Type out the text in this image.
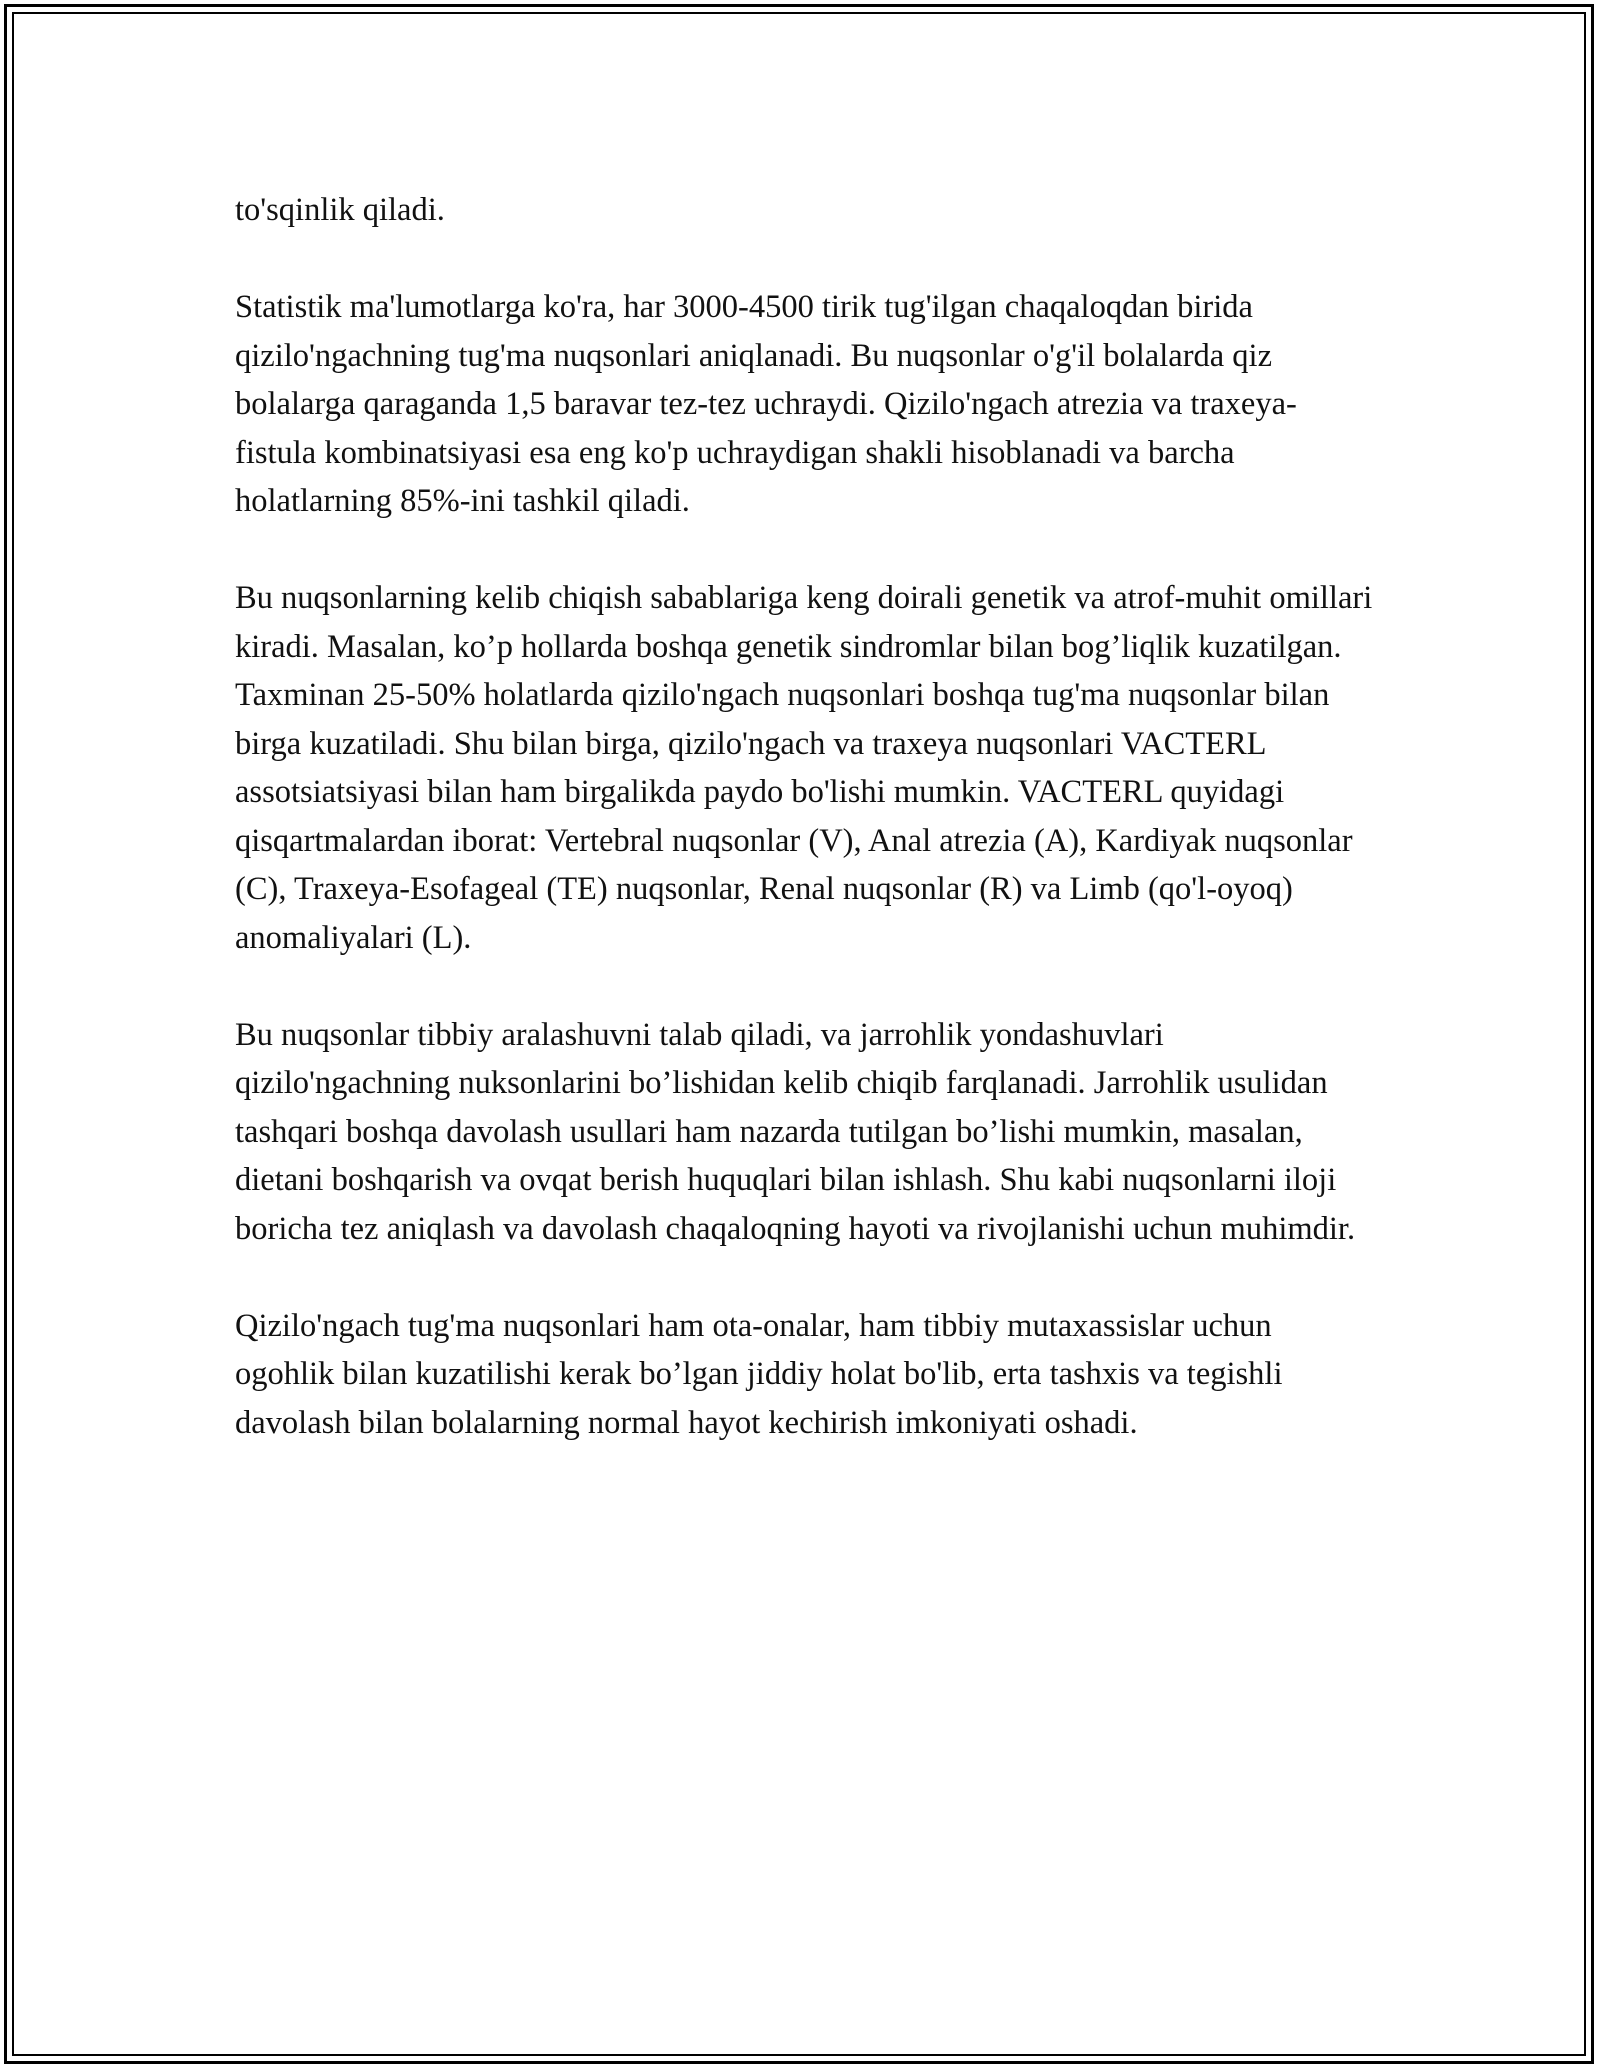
to'sqinlik qiladi.

Statistik ma'lumotlarga ko'ra, har 3000-4500 tirik tug'ilgan chaqaloqdan birida qizilo'ngachning tug'ma nuqsonlari aniqlanadi. Bu nuqsonlar o'g'il bolalarda qiz bolalarga qaraganda 1,5 baravar tez-tez uchraydi. Qizilo'ngach atrezia va traxeya-fistula kombinatsiyasi esa eng ko'p uchraydigan shakli hisoblanadi va barcha holatlarning 85%-ini tashkil qiladi.

Bu nuqsonlarning kelib chiqish sabablariga keng doirali genetik va atrof-muhit omillari kiradi. Masalan, ko’p hollarda boshqa genetik sindromlar bilan bog’liqlik kuzatilgan. Taxminan 25-50% holatlarda qizilo'ngach nuqsonlari boshqa tug'ma nuqsonlar bilan birga kuzatiladi. Shu bilan birga, qizilo'ngach va traxeya nuqsonlari VACTERL assotsiatsiyasi bilan ham birgalikda paydo bo'lishi mumkin. VACTERL quyidagi qisqartmalardan iborat: Vertebral nuqsonlar (V), Anal atrezia (A), Kardiyak nuqsonlar (C), Traxeya-Esofageal (TE) nuqsonlar, Renal nuqsonlar (R) va Limb (qo'l-oyoq) anomaliyalari (L).

Bu nuqsonlar tibbiy aralashuvni talab qiladi, va jarrohlik yondashuvlari qizilo'ngachning nuksonlarini bo’lishidan kelib chiqib farqlanadi. Jarrohlik usulidan tashqari boshqa davolash usullari ham nazarda tutilgan bo’lishi mumkin, masalan, dietani boshqarish va ovqat berish huquqlari bilan ishlash. Shu kabi nuqsonlarni iloji boricha tez aniqlash va davolash chaqaloqning hayoti va rivojlanishi uchun muhimdir.

Qizilo'ngach tug'ma nuqsonlari ham ota-onalar, ham tibbiy mutaxassislar uchun ogohlik bilan kuzatilishi kerak bo’lgan jiddiy holat bo'lib, erta tashxis va tegishli davolash bilan bolalarning normal hayot kechirish imkoniyati oshadi.
